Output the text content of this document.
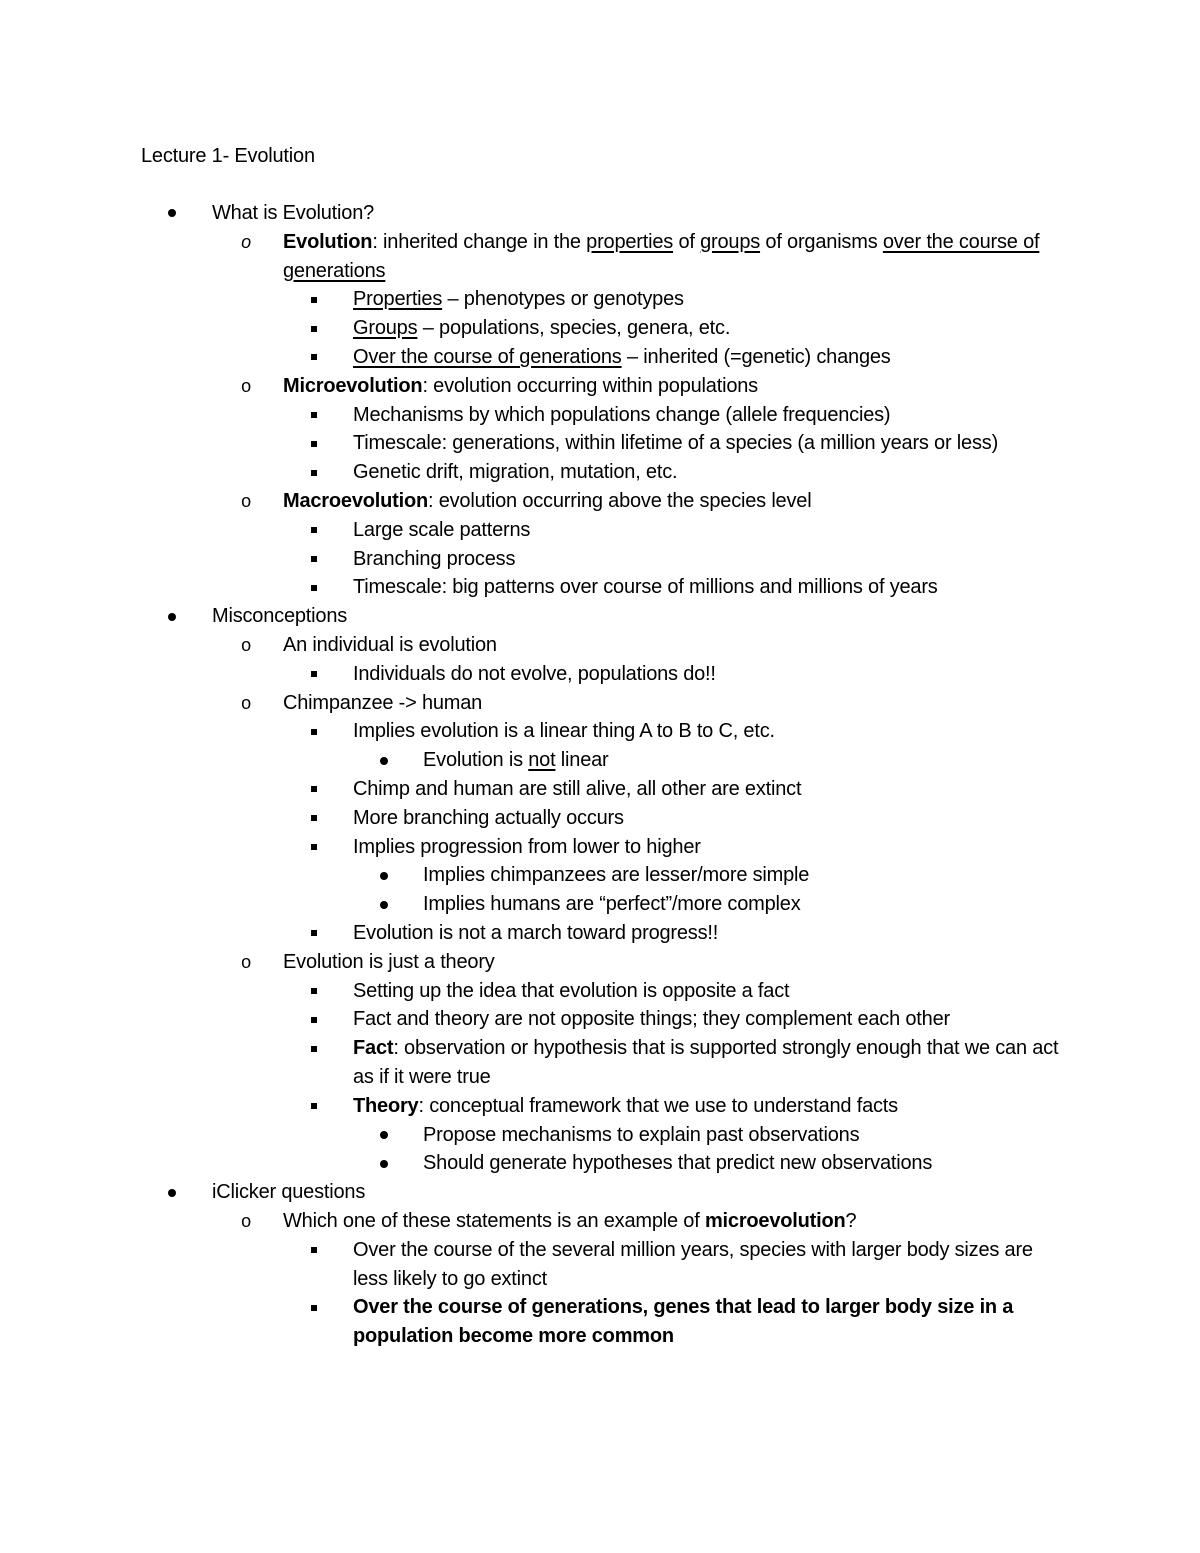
Lecture 1- Evolution
What is Evolution?
o Evolution: inherited change in the properties of groups of organisms over the course of generations
Properties – phenotypes or genotypes
Groups – populations, species, genera, etc.
Over the course of generations – inherited (=genetic) changes
o Microevolution: evolution occurring within populations
Mechanisms by which populations change (allele frequencies)
Timescale: generations, within lifetime of a species (a million years or less)
Genetic drift, migration, mutation, etc.
o Macroevolution: evolution occurring above the species level
Large scale patterns
Branching process
Timescale: big patterns over course of millions and millions of years
Misconceptions
o An individual is evolution
Individuals do not evolve, populations do!!
o Chimpanzee -> human
Implies evolution is a linear thing A to B to C, etc.
Evolution is not linear
Chimp and human are still alive, all other are extinct
More branching actually occurs
Implies progression from lower to higher
Implies chimpanzees are lesser/more simple
Implies humans are “perfect”/more complex
Evolution is not a march toward progress!!
o Evolution is just a theory
Setting up the idea that evolution is opposite a fact
Fact and theory are not opposite things; they complement each other
Fact: observation or hypothesis that is supported strongly enough that we can act as if it were true
Theory: conceptual framework that we use to understand facts
Propose mechanisms to explain past observations
Should generate hypotheses that predict new observations
iClicker questions
o Which one of these statements is an example of microevolution?
Over the course of the several million years, species with larger body sizes are less likely to go extinct
Over the course of generations, genes that lead to larger body size in a population become more common
